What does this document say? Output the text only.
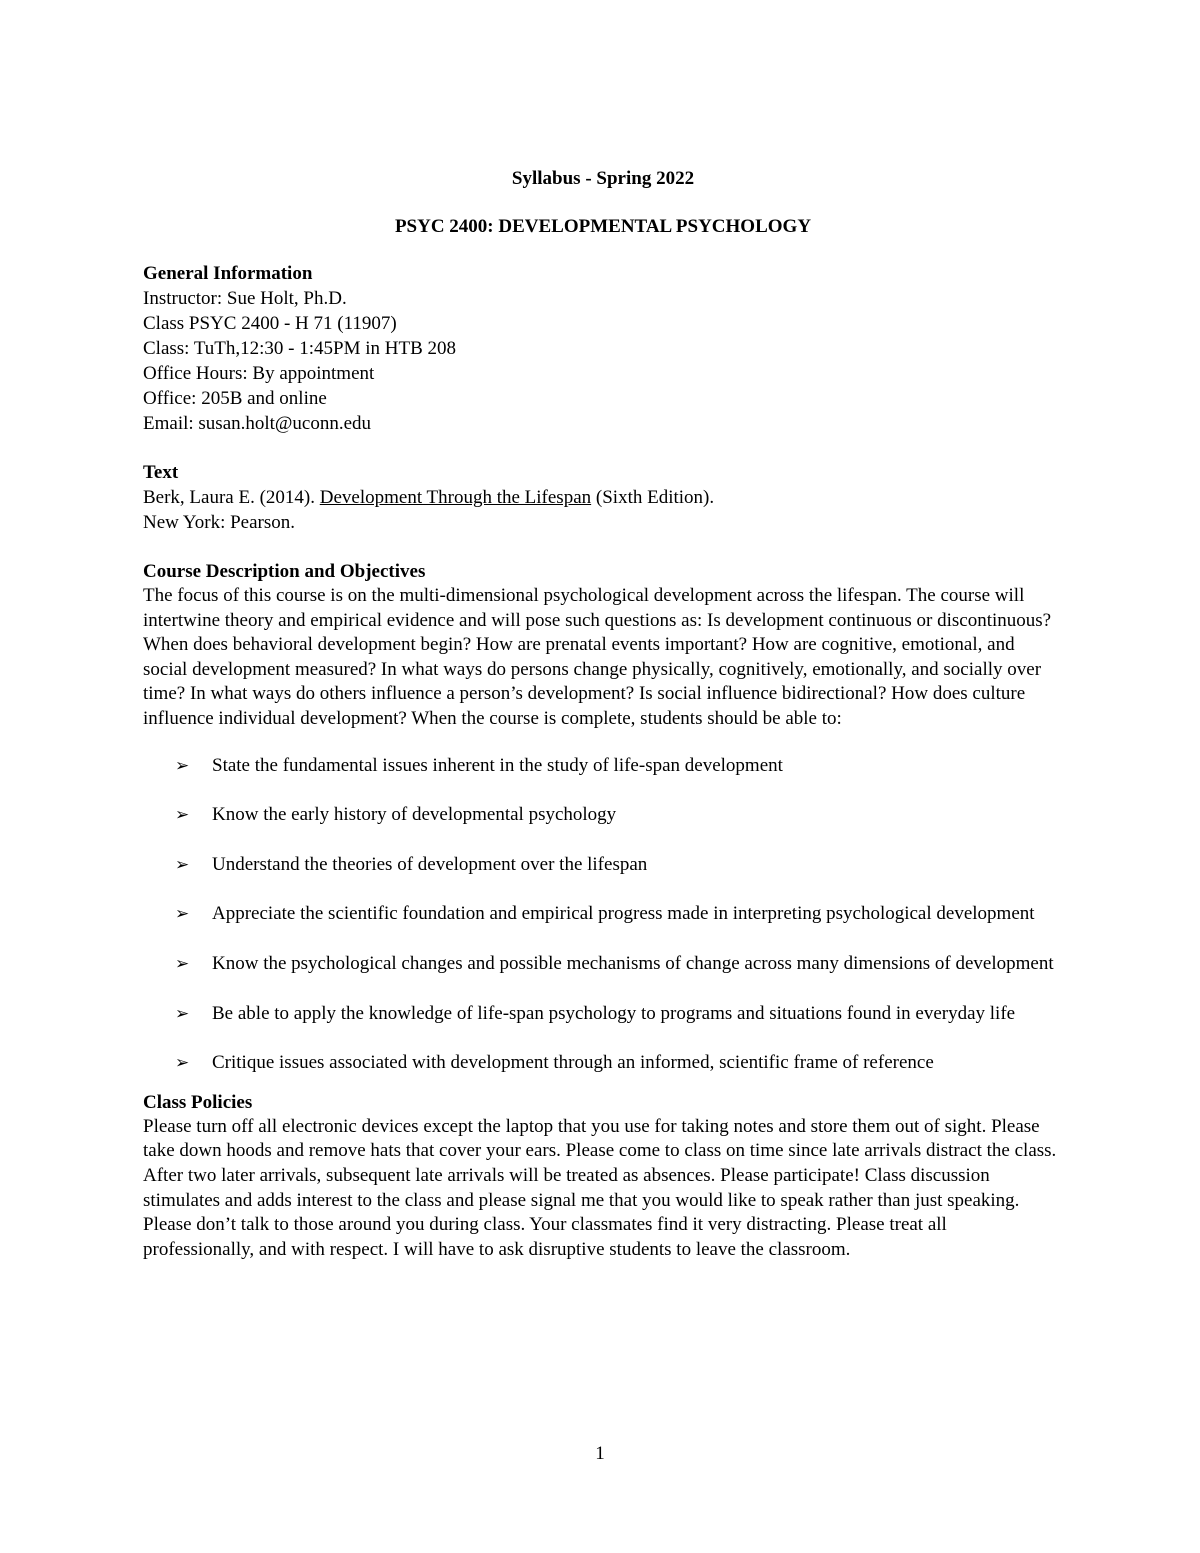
Syllabus - Spring 2022

PSYC 2400: DEVELOPMENTAL PSYCHOLOGY

General Information

Instructor: Sue Holt, Ph.D.

Class PSYC 2400 - H 71 (11907)

Class: TuTh,12:30 - 1:45PM in HTB 208

Office Hours: By appointment

Office: 205B and online

Email: susan.holt@uconn.edu

Text

Berk, Laura E. (2014). Development Through the Lifespan (Sixth Edition).

New York: Pearson.

Course Description and Objectives

The focus of this course is on the multi-dimensional psychological development across the lifespan. The course will intertwine theory and empirical evidence and will pose such questions as: Is development continuous or discontinuous? When does behavioral development begin? How are prenatal events important? How are cognitive, emotional, and social development measured? In what ways do persons change physically, cognitively, emotionally, and socially over time? In what ways do others influence a person’s development? Is social influence bidirectional? How does culture influence individual development? When the course is complete, students should be able to:

➢ State the fundamental issues inherent in the study of life-span development
➢ Know the early history of developmental psychology
➢ Understand the theories of development over the lifespan
➢ Appreciate the scientific foundation and empirical progress made in interpreting psychological development
➢ Know the psychological changes and possible mechanisms of change across many dimensions of development
➢ Be able to apply the knowledge of life-span psychology to programs and situations found in everyday life
➢ Critique issues associated with development through an informed, scientific frame of reference

Class Policies

Please turn off all electronic devices except the laptop that you use for taking notes and store them out of sight. Please take down hoods and remove hats that cover your ears. Please come to class on time since late arrivals distract the class. After two later arrivals, subsequent late arrivals will be treated as absences. Please participate! Class discussion stimulates and adds interest to the class and please signal me that you would like to speak rather than just speaking. Please don’t talk to those around you during class. Your classmates find it very distracting. Please treat all professionally, and with respect. I will have to ask disruptive students to leave the classroom.

1
